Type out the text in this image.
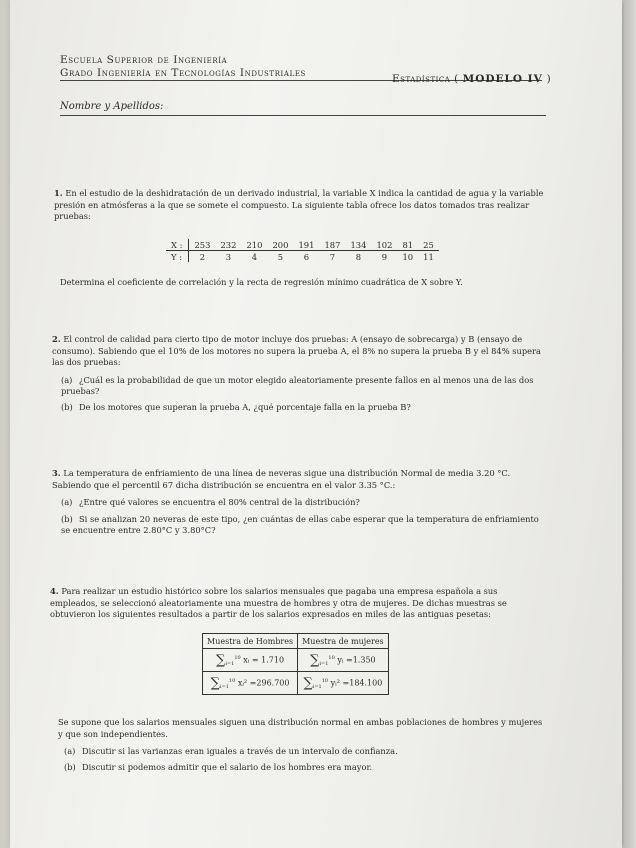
Escuela Superior de Ingeniería
Grado Ingeniería en Tecnologías Industriales	Estadística ( MODELO IV )
Nombre y Apellidos:
1. En el estudio de la deshidratación de un derivado industrial, la variable X indica la cantidad de agua y la variable presión en atmósferas a la que se somete el compuesto. La siguiente tabla ofrece los datos tomados tras realizar pruebas:
X :	253	232	210	200	191	187	134	102	81	25
Y :	2	3	4	5	6	7	8	9	10	11
Determina el coeficiente de correlación y la recta de regresión mínimo cuadrática de X sobre Y.
2. El control de calidad para cierto tipo de motor incluye dos pruebas: A (ensayo de sobrecarga) y B (ensayo de consumo). Sabiendo que el 10% de los motores no supera la prueba A, el 8% no supera la prueba B y el 84% supera las dos pruebas:
(a) ¿Cuál es la probabilidad de que un motor elegido aleatoriamente presente fallos en al menos una de las dos pruebas?
(b) De los motores que superan la prueba A, ¿qué porcentaje falla en la prueba B?
3. La temperatura de enfriamiento de una línea de neveras sigue una distribución Normal de media 3.20 °C. Sabiendo que el percentil 67 dicha distribución se encuentra en el valor 3.35 °C.:
(a) ¿Entre qué valores se encuentra el 80% central de la distribución?
(b) Si se analizan 20 neveras de este tipo, ¿en cuántas de ellas cabe esperar que la temperatura de enfriamiento se encuentre entre 2.80°C y 3.80°C?
4. Para realizar un estudio histórico sobre los salarios mensuales que pagaba una empresa española a sus empleados, se seleccionó aleatoriamente una muestra de hombres y otra de mujeres. De dichas muestras se obtuvieron los siguientes resultados a partir de los salarios expresados en miles de las antiguas pesetas:
Muestra de Hombres	Muestra de mujeres
$\sum_{i=1}^{10}$ xᵢ = 1.710	$\sum_{i=1}^{10}$ yᵢ =1.350
$\sum_{i=1}^{10}$ xᵢ² =296.700	$\sum_{i=1}^{10}$ yᵢ² =184.100
Se supone que los salarios mensuales siguen una distribución normal en ambas poblaciones de hombres y mujeres y que son independientes.
(a) Discutir si las varianzas eran iguales a través de un intervalo de confianza.
(b) Discutir si podemos admitir que el salario de los hombres era mayor.
